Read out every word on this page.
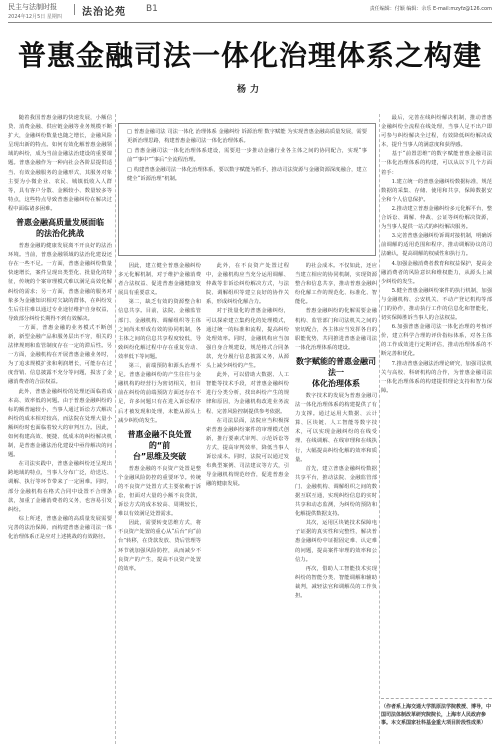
民主与法制时报
2024年12月5日 星期四 法治论苑 B1	责任编辑：付颖 编辑：余乐 E-mail:mzyfz@126.com
普惠金融司法一体化治理体系之构建
杨力

□ 普惠金融司法 司法一体化 治理体系 金融纠纷 诉源治理 数字赋能 为实现普惠金融高质量发展，需要更新治理思路，构建普惠金融司法一体化治理体系。

□ 普惠金融司法一体化治理体系建设，需要进一步推动金融行业各主体之间的协同配合，实现“事前”“事中”“事后”全流程治理。

□ 构建普惠金融司法一体化治理体系，要以数字赋能为抓手，推动司法资源与金融资源深度融合，建立健全“诉源治理”机制。

随着我国普惠金融的快速发展，小额信贷、消费金融、供应链金融等业务规模不断扩大，金融纠纷数量也随之增长，金融风险呈现出新的特点。如何有效化解普惠金融领域的纠纷，成为当前金融法治建设的重要课题。普惠金融作为一种向社会各阶层提供适当、有效金融服务的金融形式，其服务对象主要为小微企业、农民、城镇低收入人群等，具有客户分散、金额较小、数量较多等特点，这些特点导致普惠金融纠纷在解决过程中面临诸多困难。

普惠金融高质量发展面临
的法治化挑战

普惠金融的健康发展离不开良好的法治环境。当前，普惠金融领域的法治化建设还存在一些不足。一方面，普惠金融纠纷数量快速增长，案件呈现出类型化、批量化的特征，传统的个案审理模式难以满足高效化解纠纷的需求；另一方面，普惠金融的服务对象多为金融知识相对欠缺的群体，在纠纷发生后往往难以通过专业途径维护自身权益，导致部分纠纷长期得不到有效解决。

一方面，普惠金融的业务模式不断创新，新型金融产品和服务层出不穷，相关的法律规则和监管制度存在一定的滞后性。另一方面，金融机构在开展普惠金融业务时，为了追求规模扩张和利润增长，可能存在过度营销、信息披露不充分等问题，损害了金融消费者的合法权益。

此外，普惠金融纠纷的处理还面临着成本高、效率低的问题。由于普惠金融纠纷的标的额普遍较小，当事人通过诉讼方式解决纠纷的成本相对较高，而法院在处理大量小额纠纷时也面临着较大的审判压力。因此，如何构建高效、便捷、低成本的纠纷解决机制，是普惠金融法治化建设中亟待解决的问题。

在司法实践中，普惠金融纠纷还呈现出跨地域的特点，当事人分布广泛，给送达、调解、执行等环节带来了一定困难。同时，部分金融机构在格式合同中设置不合理条款，加重了金融消费者的义务，也容易引发纠纷。

综上所述，普惠金融的高质量发展需要完善的法治保障，而构建普惠金融司法一体化治理体系正是应对上述挑战的有效路径。

因此，建立健全普惠金融纠纷多元化解机制，对于维护金融消费者合法权益、促进普惠金融健康发展具有重要意义。

第二，缺乏有效的资源整合和信息共享。目前，法院、金融监管部门、金融机构、调解组织等主体之间尚未形成有效的协同机制，各主体之间的信息共享程度较低，导致纠纷化解过程中存在重复劳动、效率低下等问题。

第三，前端预防和源头治理不足。普惠金融纠纷的产生往往与金融机构的经营行为密切相关，但目前在纠纷的前端预防方面还存在不足，许多问题只有在进入诉讼程序后才被发现和处理，未能从源头上减少纠纷的发生。

普惠金融不良处置的“前
台”思维及突破

普惠金融的不良资产处置是整个金融风险防控的重要环节。传统的不良资产处置方式主要依赖于诉讼，但面对大量的小额不良贷款，诉讼方式的成本较高、周期较长，难以有效满足处置需求。

因此，需要转变思维方式，将不良资产处置的重心从“后台”向“前台”转移，在贷款发放、贷后管理等环节就加强风险防控，从而减少不良资产的产生，提高不良资产处置的效率。

此外，在不良资产处置过程中，金融机构应当充分运用调解、仲裁等非诉讼纠纷解决方式，与法院、调解组织等建立良好的协作关系，形成纠纷化解合力。

对于批量化的普惠金融纠纷，可以探索建立集约化的处理模式，通过统一的标准和流程，提高纠纷处理效率。同时，金融机构应当加强自身合规建设，规范格式合同条款，充分履行信息披露义务，从源头上减少纠纷的产生。

此外，可以借助大数据、人工智能等技术手段，对普惠金融纠纷进行分类分析，找出纠纷产生的规律和原因，为金融机构改进业务流程、完善风险控制提供参考依据。

在司法层面，法院应当积极探索普惠金融纠纷案件的审理模式创新，推行要素式审判、示范诉讼等方式，提高审判效率，降低当事人诉讼成本。同时，法院可以通过发布典型案例、司法建议等方式，引导金融机构规范经营，促进普惠金融的健康发展。

的社会成本。不仅如此，还应当建立相应的协同机制，实现资源整合和信息共享，推动普惠金融纠纷化解工作的规范化、标准化、智能化。

普惠金融纠纷的化解需要金融机构、监管部门和司法机关之间的密切配合，各主体应当发挥各自的职能优势，共同推进普惠金融司法一体化治理体系的建设。

数字赋能的普惠金融司法一
体化治理体系

数字技术的发展为普惠金融司法一体化治理体系的构建提供了有力支撑。通过运用大数据、云计算、区块链、人工智能等数字技术，可以实现金融纠纷的在线受理、在线调解、在线审理和在线执行，大幅提高纠纷化解的效率和质量。

首先，建立普惠金融纠纷数据共享平台，推动法院、金融监管部门、金融机构、调解组织之间的数据互联互通，实现纠纷信息的实时共享和动态监测，为纠纷的预防和化解提供数据支持。

其次，运用区块链技术保障电子证据的真实性和完整性，解决普惠金融纠纷中证据固定难、认定难的问题，提高案件审理的效率和公信力。

再次，借助人工智能技术实现纠纷的智能分类、智能调解和辅助裁判，减轻法官和调解员的工作负担。

最后，完善在线纠纷解决机制，推动普惠金融纠纷全流程在线处理，当事人足不出户即可参与纠纷解决全过程，有效降低纠纷解决成本，提升当事人的满意度和获得感。

基于“前置思维”的数字赋能普惠金融司法一体化治理体系的构建，可以从以下几个方面着手：

1.建立统一的普惠金融纠纷数据标准，规范数据的采集、存储、使用和共享，保障数据安全和个人信息保护。

2.推动建立普惠金融纠纷多元化解平台，整合诉讼、调解、仲裁、公证等纠纷解决资源，为当事人提供一站式的纠纷解决服务。

3.完善普惠金融纠纷诉调对接机制，明确诉前调解的适用范围和程序，推动调解协议的司法确认，提高调解的权威性和执行力。

4.加强金融消费者教育和权益保护，提高金融消费者的风险意识和维权能力，从源头上减少纠纷的发生。

5.健全普惠金融纠纷案件的执行机制，加强与金融机构、公安机关、不动产登记机构等部门的协作，推动执行工作的信息化和智能化，切实保障胜诉当事人的合法权益。

6.加强普惠金融司法一体化治理的考核评价，建立科学合理的评价指标体系，对各主体的工作成效进行定期评估，推动治理体系的不断完善和优化。

7.推动普惠金融法治理论研究，加强司法机关与高校、科研机构的合作，为普惠金融司法一体化治理体系的构建提供理论支持和智力保障。

（作者系上海交通大学凯原法学院教授、博导，中国司法体制改革研究院院长，上海市人民政府参事。本文系国家社科基金重大项目阶段性成果）
